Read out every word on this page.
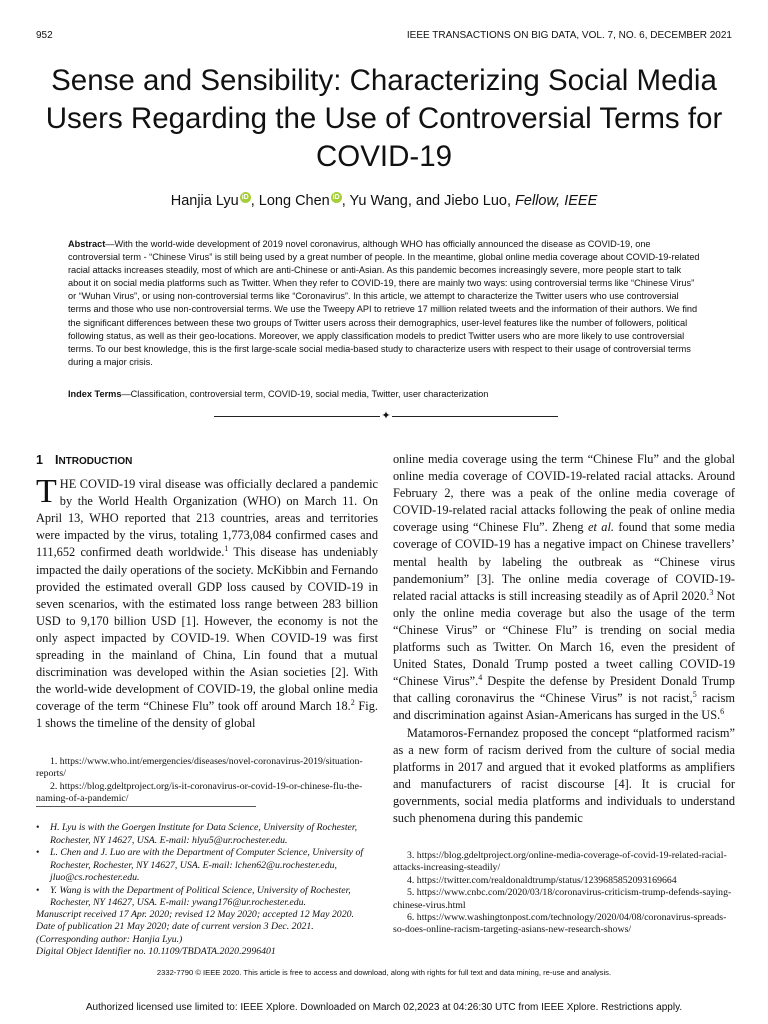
952	IEEE TRANSACTIONS ON BIG DATA, VOL. 7, NO. 6, DECEMBER 2021
Sense and Sensibility: Characterizing Social Media Users Regarding the Use of Controversial Terms for COVID-19
Hanjia Lyu iD , Long Chen iD , Yu Wang, and Jiebo Luo, Fellow, IEEE

Abstract—With the world-wide development of 2019 novel coronavirus, although WHO has officially announced the disease as COVID-19, one controversial term - “Chinese Virus” is still being used by a great number of people. In the meantime, global online media coverage about COVID-19-related racial attacks increases steadily, most of which are anti-Chinese or anti-Asian. As this pandemic becomes increasingly severe, more people start to talk about it on social media platforms such as Twitter. When they refer to COVID-19, there are mainly two ways: using controversial terms like “Chinese Virus” or “Wuhan Virus”, or using non-controversial terms like “Coronavirus”. In this article, we attempt to characterize the Twitter users who use controversial terms and those who use non-controversial terms. We use the Tweepy API to retrieve 17 million related tweets and the information of their authors. We find the significant differences between these two groups of Twitter users across their demographics, user-level features like the number of followers, political following status, as well as their geo-locations. Moreover, we apply classification models to predict Twitter users who are more likely to use controversial terms. To our best knowledge, this is the first large-scale social media-based study to characterize users with respect to their usage of controversial terms during a major crisis.

Index Terms—Classification, controversial term, COVID-19, social media, Twitter, user characterization
✦
1 INTRODUCTION

THE COVID-19 viral disease was officially declared a pandemic by the World Health Organization (WHO) on March 11. On April 13, WHO reported that 213 countries, areas and territories were impacted by the virus, totaling 1,773,084 confirmed cases and 111,652 confirmed death worldwide.$^1$ This disease has undeniably impacted the daily operations of the society. McKibbin and Fernando provided the estimated overall GDP loss caused by COVID-19 in seven scenarios, with the estimated loss range between 283 billion USD to 9,170 billion USD [1]. However, the economy is not the only aspect impacted by COVID-19. When COVID-19 was first spreading in the mainland of China, Lin found that a mutual discrimination was developed within the Asian societies [2]. With the world-wide development of COVID-19, the global online media coverage of the term “Chinese Flu” took off around March 18.$^2$ Fig. 1 shows the timeline of the density of global

online media coverage using the term “Chinese Flu” and the global online media coverage of COVID-19-related racial attacks. Around February 2, there was a peak of the online media coverage of COVID-19-related racial attacks following the peak of online media coverage using “Chinese Flu”. Zheng et al. found that some media coverage of COVID-19 has a negative impact on Chinese travellers’ mental health by labeling the outbreak as “Chinese virus pandemonium” [3]. The online media coverage of COVID-19-related racial attacks is still increasing steadily as of April 2020.$^3$ Not only the online media coverage but also the usage of the term “Chinese Virus” or “Chinese Flu” is trending on social media platforms such as Twitter. On March 16, even the president of United States, Donald Trump posted a tweet calling COVID-19 “Chinese Virus”.$^4$ Despite the defense by President Donald Trump that calling coronavirus the “Chinese Virus” is not racist,$^5$ racism and discrimination against Asian-Americans has surged in the US.$^6$

Matamoros-Fernandez proposed the concept “platformed racism” as a new form of racism derived from the culture of social media platforms in 2017 and argued that it evoked platforms as amplifiers and manufacturers of racist discourse [4]. It is crucial for governments, social media platforms and individuals to understand such phenomena during this pandemic

1. https://www.who.int/emergencies/diseases/novel-coronavirus-2019/situation-reports/
2. https://blog.gdeltproject.org/is-it-coronavirus-or-covid-19-or-chinese-flu-the-naming-of-a-pandemic/
• H. Lyu is with the Goergen Institute for Data Science, University of Rochester, Rochester, NY 14627, USA. E-mail: hlyu5@ur.rochester.edu.
• L. Chen and J. Luo are with the Department of Computer Science, University of Rochester, Rochester, NY 14627, USA. E-mail: lchen62@u.rochester.edu, jluo@cs.rochester.edu.
• Y. Wang is with the Department of Political Science, University of Rochester, Rochester, NY 14627, USA. E-mail: ywang176@ur.rochester.edu.
Manuscript received 17 Apr. 2020; revised 12 May 2020; accepted 12 May 2020.
Date of publication 21 May 2020; date of current version 3 Dec. 2021.
(Corresponding author: Hanjia Lyu.)
Digital Object Identifier no. 10.1109/TBDATA.2020.2996401
3. https://blog.gdeltproject.org/online-media-coverage-of-covid-19-related-racial-attacks-increasing-steadily/
4. https://twitter.com/realdonaldtrump/status/1239685852093169664
5. https://www.cnbc.com/2020/03/18/coronavirus-criticism-trump-defends-saying-chinese-virus.html
6. https://www.washingtonpost.com/technology/2020/04/08/coronavirus-spreads-so-does-online-racism-targeting-asians-new-research-shows/
2332-7790 © IEEE 2020. This article is free to access and download, along with rights for full text and data mining, re-use and analysis.
Authorized licensed use limited to: IEEE Xplore. Downloaded on March 02,2023 at 04:26:30 UTC from IEEE Xplore. Restrictions apply.
